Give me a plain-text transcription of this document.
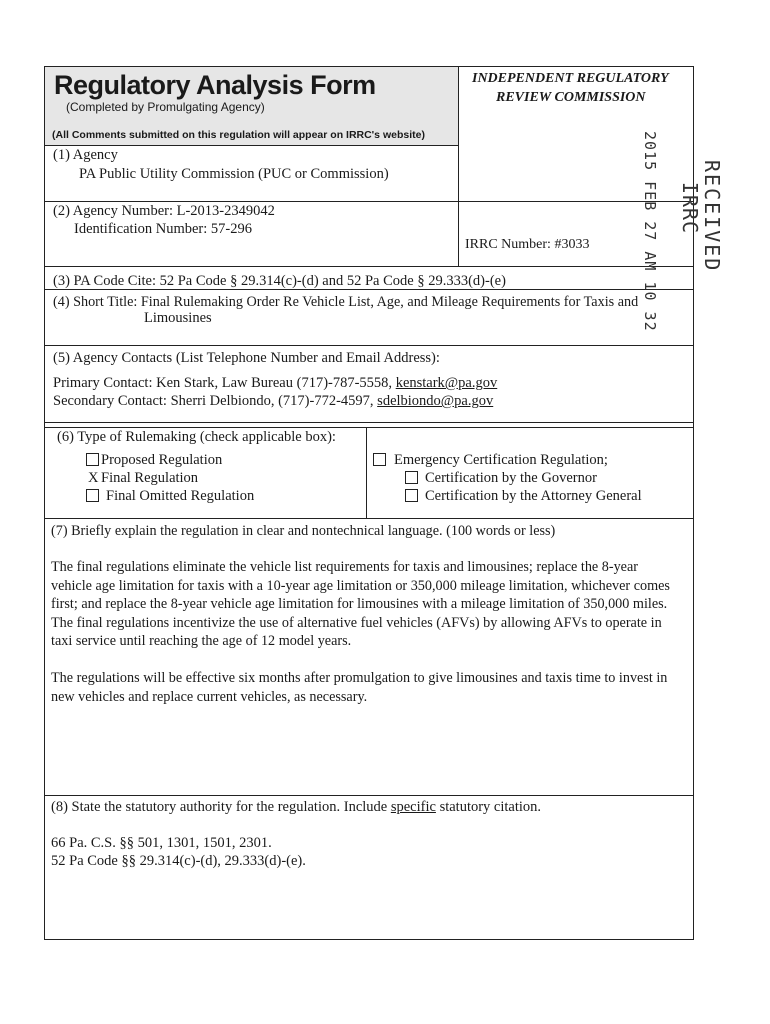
Regulatory Analysis Form
(Completed by Promulgating Agency)
(All Comments submitted on this regulation will appear on IRRC's website)
INDEPENDENT REGULATORY
REVIEW COMMISSION
2015 FEB 27 AM 10 32 RECEIVED
IRRC
(1) Agency
PA Public Utility Commission (PUC or Commission)
(2) Agency Number: L-2013-2349042
Identification Number: 57-296
IRRC Number: #3033
(3) PA Code Cite: 52 Pa Code § 29.314(c)-(d) and 52 Pa Code § 29.333(d)-(e)
(4) Short Title: Final Rulemaking Order Re Vehicle List, Age, and Mileage Requirements for Taxis and
Limousines
(5) Agency Contacts (List Telephone Number and Email Address):
Primary Contact: Ken Stark, Law Bureau (717)-787-5558, kenstark@pa.gov
Secondary Contact: Sherri Delbiondo, (717)-772-4597, sdelbiondo@pa.gov
(6) Type of Rulemaking (check applicable box):
Proposed Regulation
X Final Regulation
Final Omitted Regulation
Emergency Certification Regulation;
Certification by the Governor
Certification by the Attorney General
(7) Briefly explain the regulation in clear and nontechnical language. (100 words or less)
The final regulations eliminate the vehicle list requirements for taxis and limousines; replace the 8-year vehicle age limitation for taxis with a 10-year age limitation or 350,000 mileage limitation, whichever comes first; and replace the 8-year vehicle age limitation for limousines with a mileage limitation of 350,000 miles. The final regulations incentivize the use of alternative fuel vehicles (AFVs) by allowing AFVs to operate in taxi service until reaching the age of 12 model years.
The regulations will be effective six months after promulgation to give limousines and taxis time to invest in new vehicles and replace current vehicles, as necessary.
(8) State the statutory authority for the regulation. Include specific statutory citation.
66 Pa. C.S. §§ 501, 1301, 1501, 2301.
52 Pa Code §§ 29.314(c)-(d), 29.333(d)-(e).
